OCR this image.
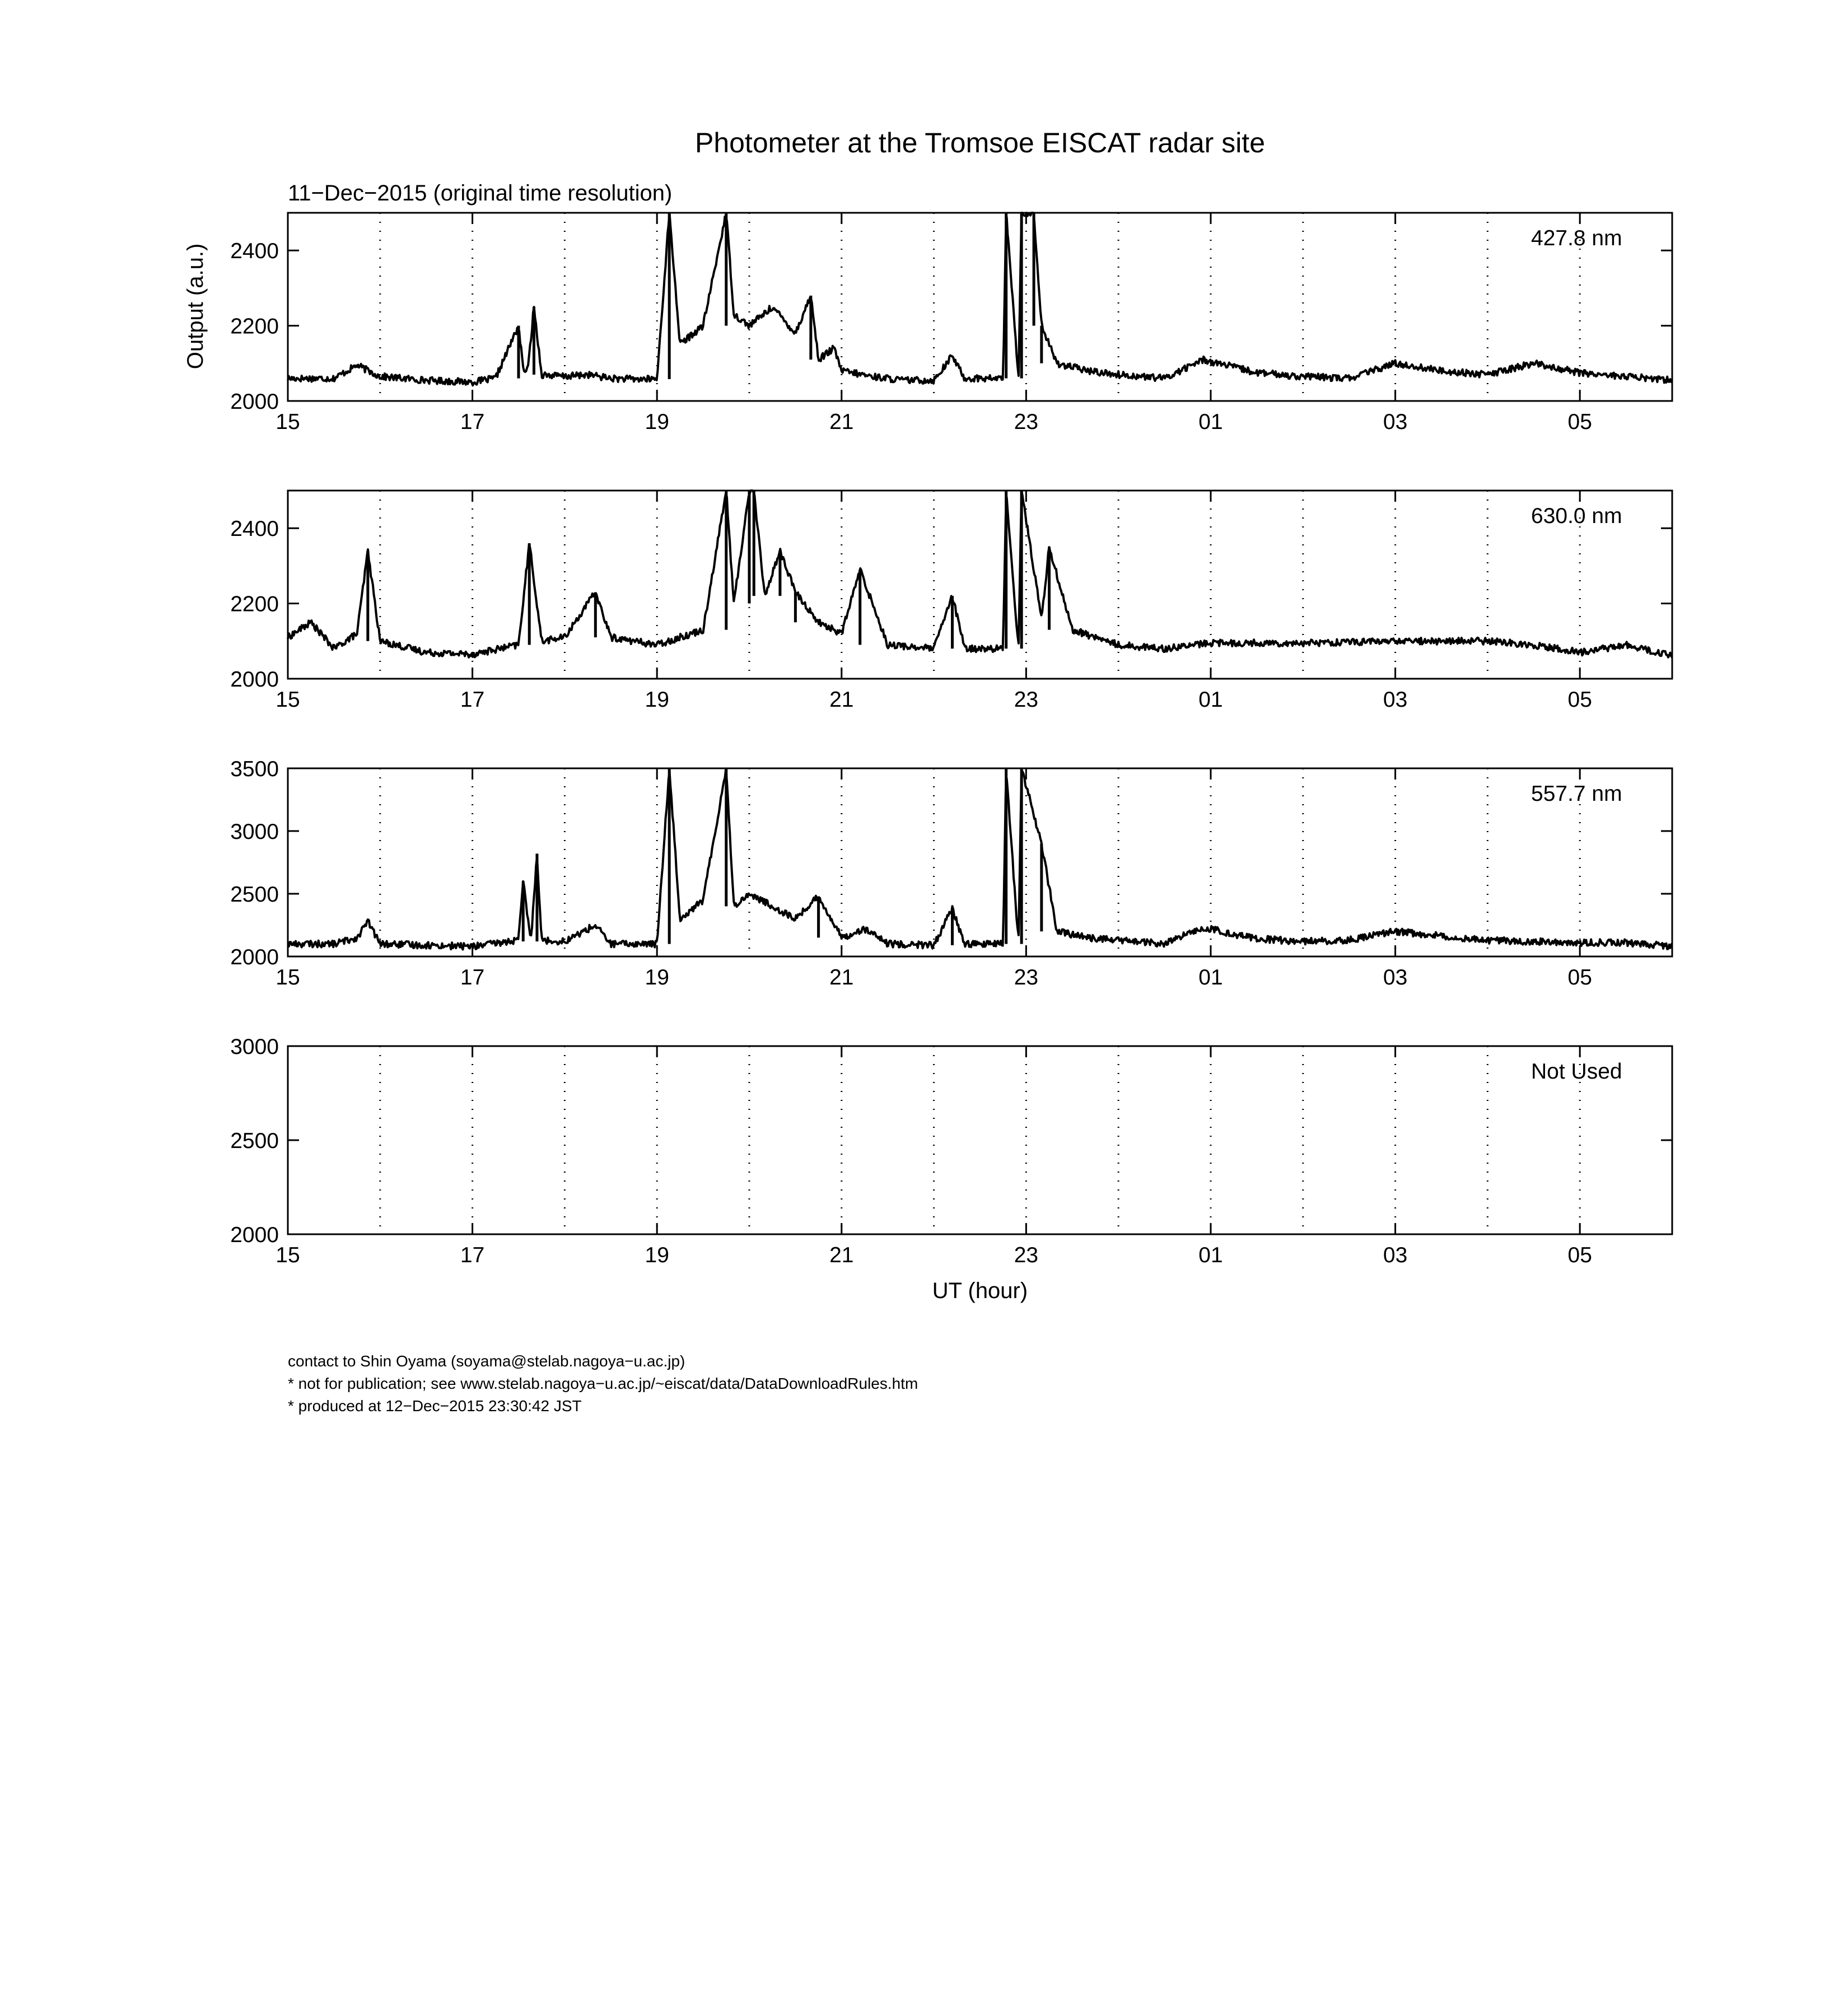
Photometer at the Tromsoe EISCAT radar site
11−Dec−2015 (original time resolution)
Output (a.u.)
2000
2200
2400
15	17	19	21	23	01	03	05
427.8 nm
2000
2200
2400
15	17	19	21	23	01	03	05
630.0 nm
2000
2500
3000
3500
15	17	19	21	23	01	03	05
557.7 nm
2000
2500
3000
15	17	19	21	23	01	03	05
Not Used
UT (hour)
contact to Shin Oyama (soyama@stelab.nagoya−u.ac.jp)
* not for publication; see www.stelab.nagoya−u.ac.jp/~eiscat/data/DataDownloadRules.htm
* produced at 12−Dec−2015 23:30:42 JST
